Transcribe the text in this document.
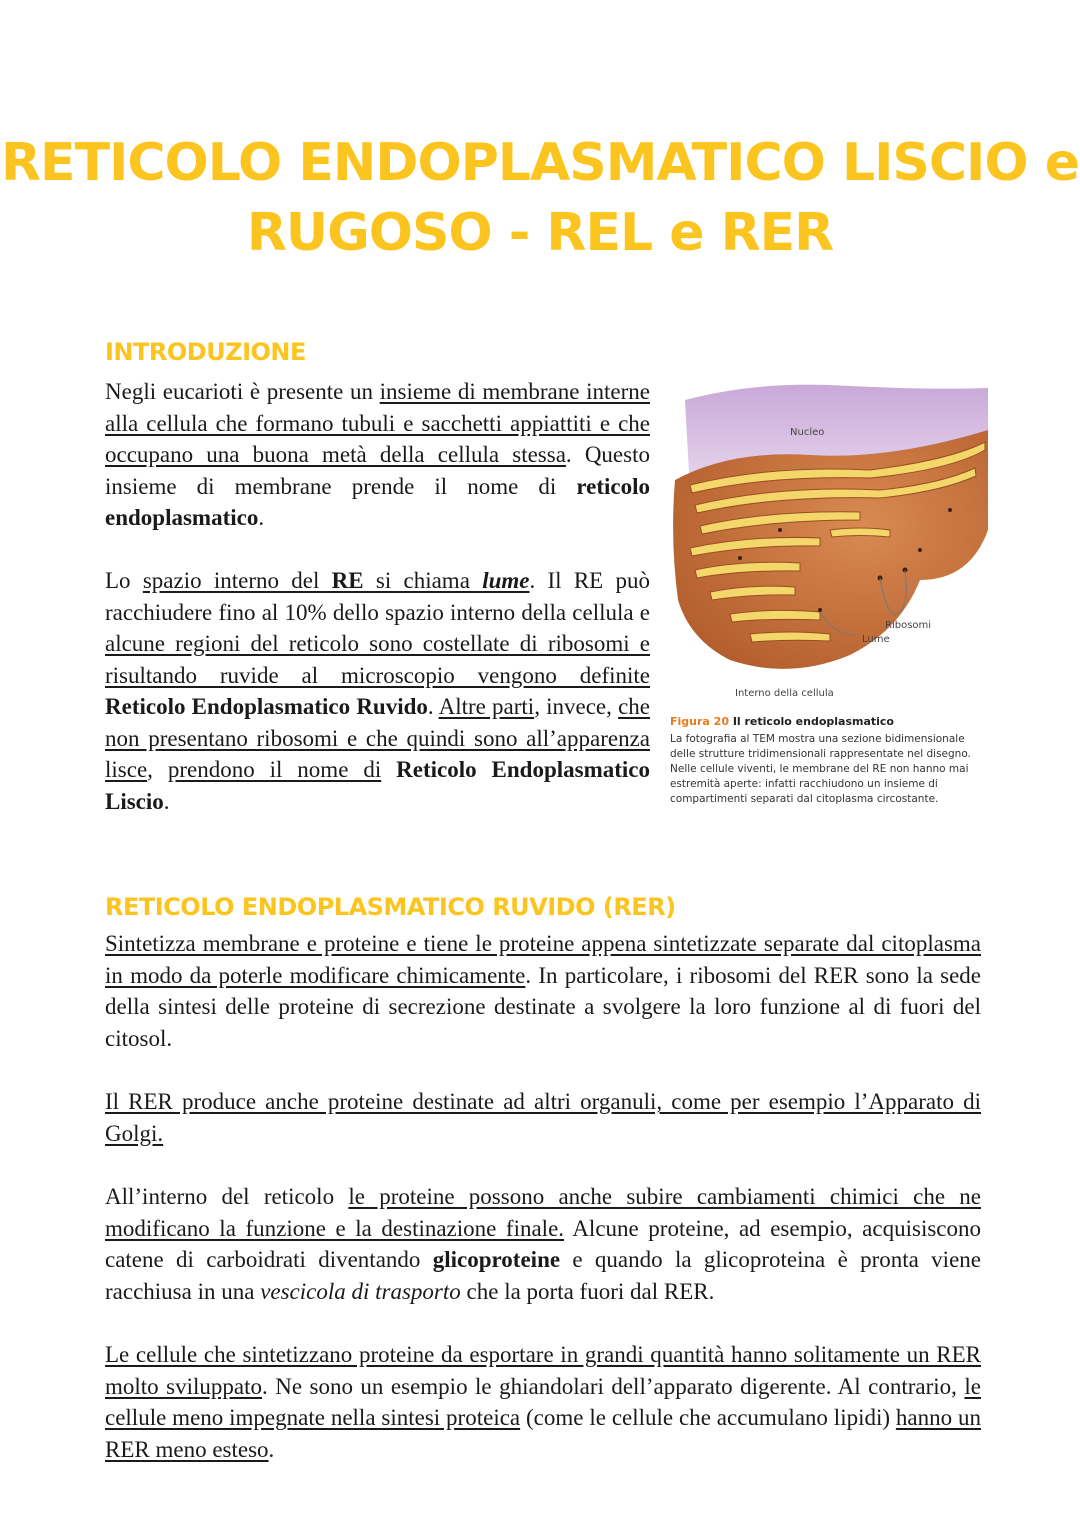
RETICOLO ENDOPLASMATICO LISCIO e
RUGOSO - REL e RER
INTRODUZIONE
Negli eucarioti è presente un insieme di membrane interne alla cellula che formano tubuli e sacchetti appiattiti e che occupano una buona metà della cellula stessa. Questo insieme di membrane prende il nome di reticolo endoplasmatico.
Lo spazio interno del RE si chiama lume. Il RE può racchiudere fino al 10% dello spazio interno della cellula e alcune regioni del reticolo sono costellate di ribosomi e risultando ruvide al microscopio vengono definite Reticolo Endoplasmatico Ruvido. Altre parti, invece, che non presentano ribosomi e che quindi sono all’apparenza lisce, prendono il nome di Reticolo Endoplasmatico Liscio.
Nucleo
Ribosomi
Lume
Interno della cellula
Figura 20 Il reticolo endoplasmatico
La fotografia al TEM mostra una sezione bidimensionale delle strutture tridimensionali rappresentate nel disegno. Nelle cellule viventi, le membrane del RE non hanno mai estremità aperte: infatti racchiudono un insieme di compartimenti separati dal citoplasma circostante.
RETICOLO ENDOPLASMATICO RUVIDO (RER)
Sintetizza membrane e proteine e tiene le proteine appena sintetizzate separate dal citoplasma in modo da poterle modificare chimicamente. In particolare, i ribosomi del RER sono la sede della sintesi delle proteine di secrezione destinate a svolgere la loro funzione al di fuori del citosol.
Il RER produce anche proteine destinate ad altri organuli, come per esempio l’Apparato di Golgi.
All’interno del reticolo le proteine possono anche subire cambiamenti chimici che ne modificano la funzione e la destinazione finale. Alcune proteine, ad esempio, acquisiscono catene di carboidrati diventando glicoproteine e quando la glicoproteina è pronta viene racchiusa in una vescicola di trasporto che la porta fuori dal RER.
Le cellule che sintetizzano proteine da esportare in grandi quantità hanno solitamente un RER molto sviluppato. Ne sono un esempio le ghiandolari dell’apparato digerente. Al contrario, le cellule meno impegnate nella sintesi proteica (come le cellule che accumulano lipidi) hanno un RER meno esteso.
